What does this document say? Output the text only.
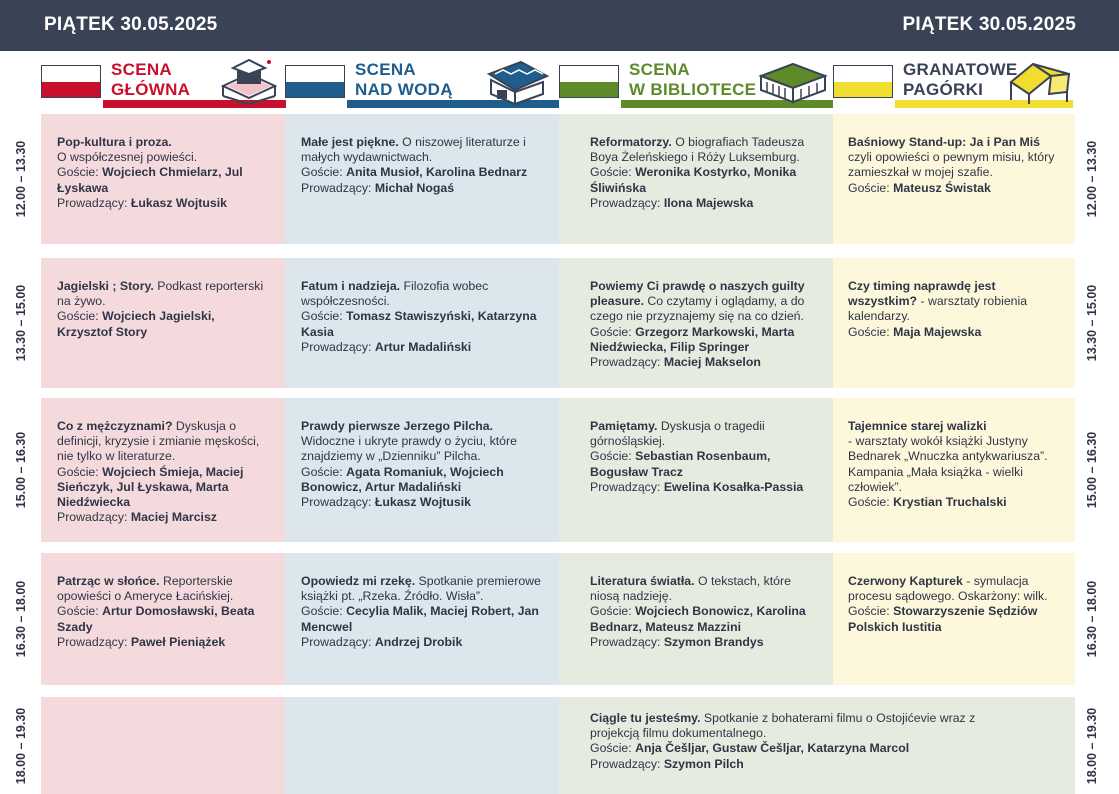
PIĄTEK 30.05.2025	PIĄTEK 30.05.2025
SCENA
GŁÓWNA
SCENA
NAD WODĄ
SCENA
W BIBLIOTECE
GRANATOWE
PAGÓRKI
12.00 – 13.30
13.30 – 15.00
15.00 – 16.30
16.30 – 18.00
18.00 – 19.30
12.00 – 13.30
13.30 – 15.00
15.00 – 16.30
16.30 – 18.00
18.00 – 19.30
Pop-kultura i proza.
O współczesnej powieści.
Goście: Wojciech Chmielarz, Jul Łyskawa
Prowadzący: Łukasz Wojtusik
Małe jest piękne. O niszowej literaturze i małych wydawnictwach.
Goście: Anita Musioł, Karolina Bednarz
Prowadzący: Michał Nogaś
Reformatorzy. O biografiach Tadeusza Boya Żeleńskiego i Róży Luksemburg.
Goście: Weronika Kostyrko, Monika Śliwińska
Prowadzący: Ilona Majewska
Baśniowy Stand-up: Ja i Pan Miś
czyli opowieści o pewnym misiu, który zamieszkał w mojej szafie.
Goście: Mateusz Świstak
Jagielski ; Story. Podkast reporterski na żywo.
Goście: Wojciech Jagielski, Krzysztof Story
Fatum i nadzieja. Filozofia wobec współczesności.
Goście: Tomasz Stawiszyński, Katarzyna Kasia
Prowadzący: Artur Madaliński
Powiemy Ci prawdę o naszych guilty pleasure. Co czytamy i oglądamy, a do czego nie przyznajemy się na co dzień.
Goście: Grzegorz Markowski, Marta Niedźwiecka, Filip Springer
Prowadzący: Maciej Makselon
Czy timing naprawdę jest wszystkim? - warsztaty robienia kalendarzy.
Goście: Maja Majewska
Co z mężczyznami? Dyskusja o definicji, kryzysie i zmianie męskości, nie tylko w literaturze.
Goście: Wojciech Śmieja, Maciej Sieńczyk, Jul Łyskawa, Marta Niedźwiecka
Prowadzący: Maciej Marcisz
Prawdy pierwsze Jerzego Pilcha. Widoczne i ukryte prawdy o życiu, które znajdziemy w „Dzienniku” Pilcha.
Goście: Agata Romaniuk, Wojciech Bonowicz, Artur Madaliński
Prowadzący: Łukasz Wojtusik
Pamiętamy. Dyskusja o tragedii górnośląskiej.
Goście: Sebastian Rosenbaum, Bogusław Tracz
Prowadzący: Ewelina Kosałka-Passia
Tajemnice starej walizki
- warsztaty wokół książki Justyny Bednarek „Wnuczka antykwariusza”. Kampania „Mała książka - wielki człowiek”.
Goście: Krystian Truchalski
Patrząc w słońce. Reporterskie opowieści o Ameryce Łacińskiej.
Goście: Artur Domosławski, Beata Szady
Prowadzący: Paweł Pieniążek
Opowiedz mi rzekę. Spotkanie premierowe książki pt. „Rzeka. Źródło. Wisła”.
Goście: Cecylia Malik, Maciej Robert, Jan Mencwel
Prowadzący: Andrzej Drobik
Literatura światła. O tekstach, które niosą nadzieję.
Goście: Wojciech Bonowicz, Karolina Bednarz, Mateusz Mazzini
Prowadzący: Szymon Brandys
Czerwony Kapturek - symulacja procesu sądowego. Oskarżony: wilk.
Goście: Stowarzyszenie Sędziów Polskich Iustitia
Ciągle tu jesteśmy. Spotkanie z bohaterami filmu o Ostojićevie wraz z projekcją filmu dokumentalnego.
Goście: Anja Češljar, Gustaw Češljar, Katarzyna Marcol
Prowadzący: Szymon Pilch
